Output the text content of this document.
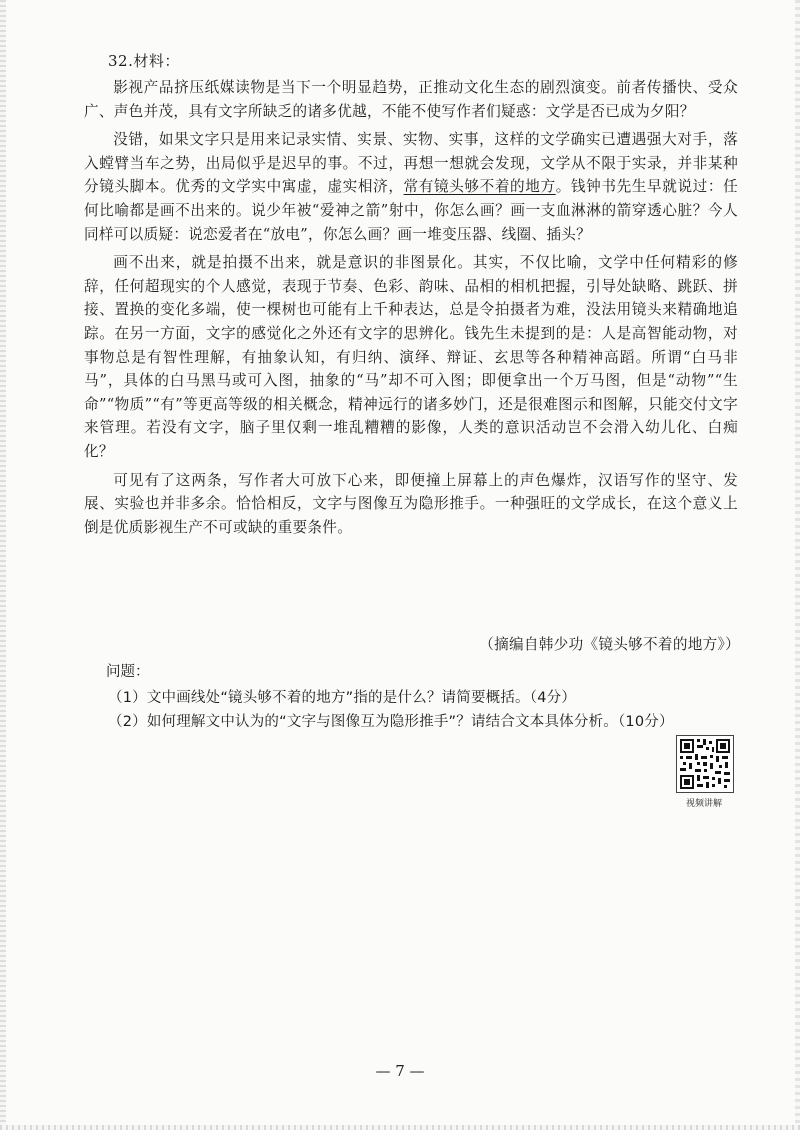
32.材料：

影视产品挤压纸媒读物是当下一个明显趋势，正推动文化生态的剧烈演变。前者传播快、受众广、声色并茂，具有文字所缺乏的诸多优越，不能不使写作者们疑惑：文学是否已成为夕阳？

没错，如果文字只是用来记录实情、实景、实物、实事，这样的文学确实已遭遇强大对手，落入螳臂当车之势，出局似乎是迟早的事。不过，再想一想就会发现，文学从不限于实录，并非某种分镜头脚本。优秀的文学实中寓虚，虚实相济，常有镜头够不着的地方。钱钟书先生早就说过：任何比喻都是画不出来的。说少年被“爱神之箭”射中，你怎么画？画一支血淋淋的箭穿透心脏？今人同样可以质疑：说恋爱者在“放电”，你怎么画？画一堆变压器、线圈、插头？

画不出来，就是拍摄不出来，就是意识的非图景化。其实，不仅比喻，文学中任何精彩的修辞，任何超现实的个人感觉，表现于节奏、色彩、韵味、品相的相机把握，引导处缺略、跳跃、拼接、置换的变化多端，使一棵树也可能有上千种表达，总是令拍摄者为难，没法用镜头来精确地追踪。在另一方面，文字的感觉化之外还有文字的思辨化。钱先生未提到的是：人是高智能动物，对事物总是有智性理解，有抽象认知，有归纳、演绎、辩证、玄思等各种精神高蹈。所谓“白马非马”，具体的白马黑马或可入图，抽象的“马”却不可入图；即便拿出一个万马图，但是“动物”“生命”“物质”“有”等更高等级的相关概念，精神远行的诸多妙门，还是很难图示和图解，只能交付文字来管理。若没有文字，脑子里仅剩一堆乱糟糟的影像，人类的意识活动岂不会滑入幼儿化、白痴化？

可见有了这两条，写作者大可放下心来，即便撞上屏幕上的声色爆炸，汉语写作的坚守、发展、实验也并非多余。恰恰相反，文字与图像互为隐形推手。一种强旺的文学成长，在这个意义上倒是优质影视生产不可或缺的重要条件。

（摘编自韩少功《镜头够不着的地方》）
问题：
（1）文中画线处“镜头够不着的地方”指的是什么？请简要概括。（4分）
（2）如何理解文中认为的“文字与图像互为隐形推手”？请结合文本具体分析。（10分）
视频讲解
— 7 —
